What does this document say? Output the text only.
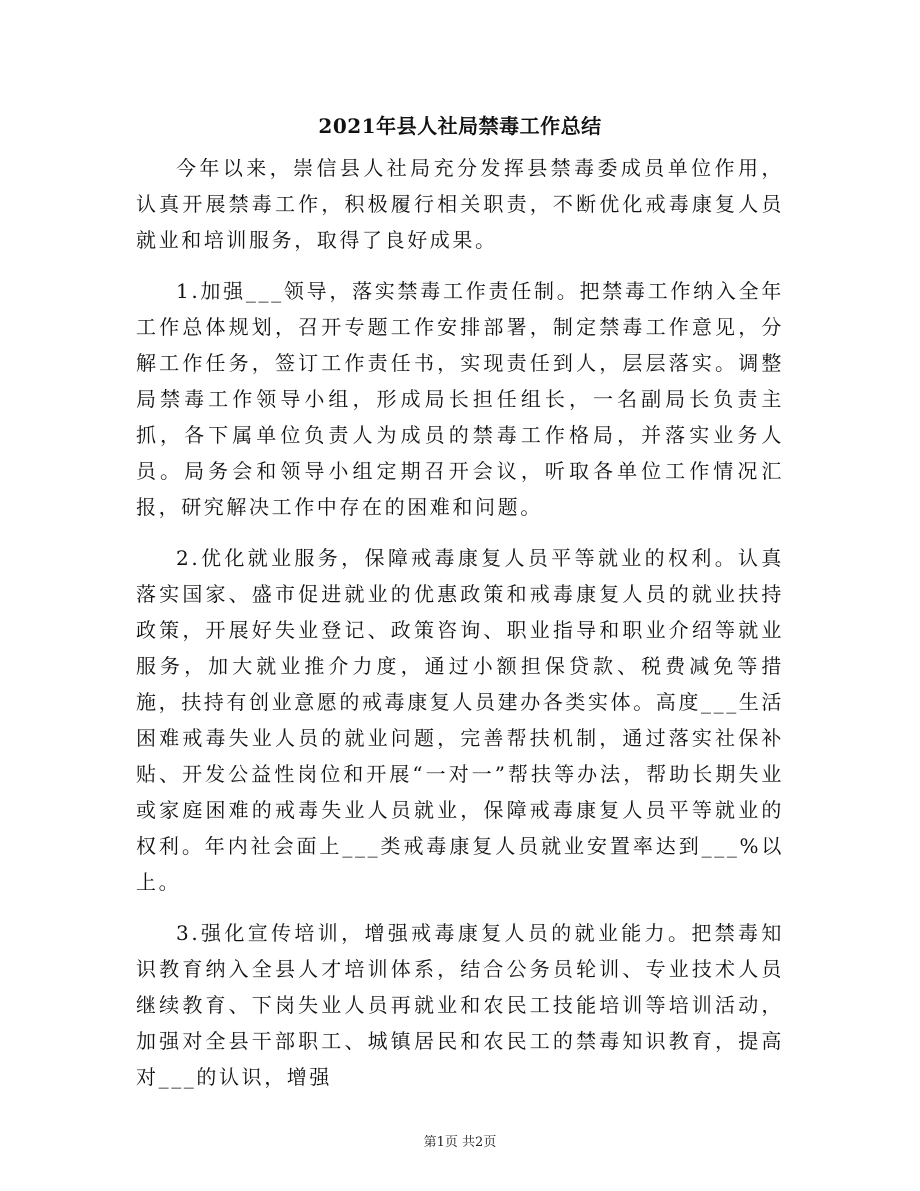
2021年县人社局禁毒工作总结

今年以来，崇信县人社局充分发挥县禁毒委成员单位作用，认真开展禁毒工作，积极履行相关职责，不断优化戒毒康复人员就业和培训服务，取得了良好成果。

1.加强___领导，落实禁毒工作责任制。把禁毒工作纳入全年工作总体规划，召开专题工作安排部署，制定禁毒工作意见，分解工作任务，签订工作责任书，实现责任到人，层层落实。调整局禁毒工作领导小组，形成局长担任组长，一名副局长负责主抓，各下属单位负责人为成员的禁毒工作格局，并落实业务人员。局务会和领导小组定期召开会议，听取各单位工作情况汇报，研究解决工作中存在的困难和问题。

2.优化就业服务，保障戒毒康复人员平等就业的权利。认真落实国家、盛市促进就业的优惠政策和戒毒康复人员的就业扶持政策，开展好失业登记、政策咨询、职业指导和职业介绍等就业服务，加大就业推介力度，通过小额担保贷款、税费减免等措施，扶持有创业意愿的戒毒康复人员建办各类实体。高度___生活困难戒毒失业人员的就业问题，完善帮扶机制，通过落实社保补贴、开发公益性岗位和开展“一对一”帮扶等办法，帮助长期失业或家庭困难的戒毒失业人员就业，保障戒毒康复人员平等就业的权利。年内社会面上___类戒毒康复人员就业安置率达到___%以上。

3.强化宣传培训，增强戒毒康复人员的就业能力。把禁毒知识教育纳入全县人才培训体系，结合公务员轮训、专业技术人员继续教育、下岗失业人员再就业和农民工技能培训等培训活动，加强对全县干部职工、城镇居民和农民工的禁毒知识教育，提高对___的认识，增强

第1页 共2页
